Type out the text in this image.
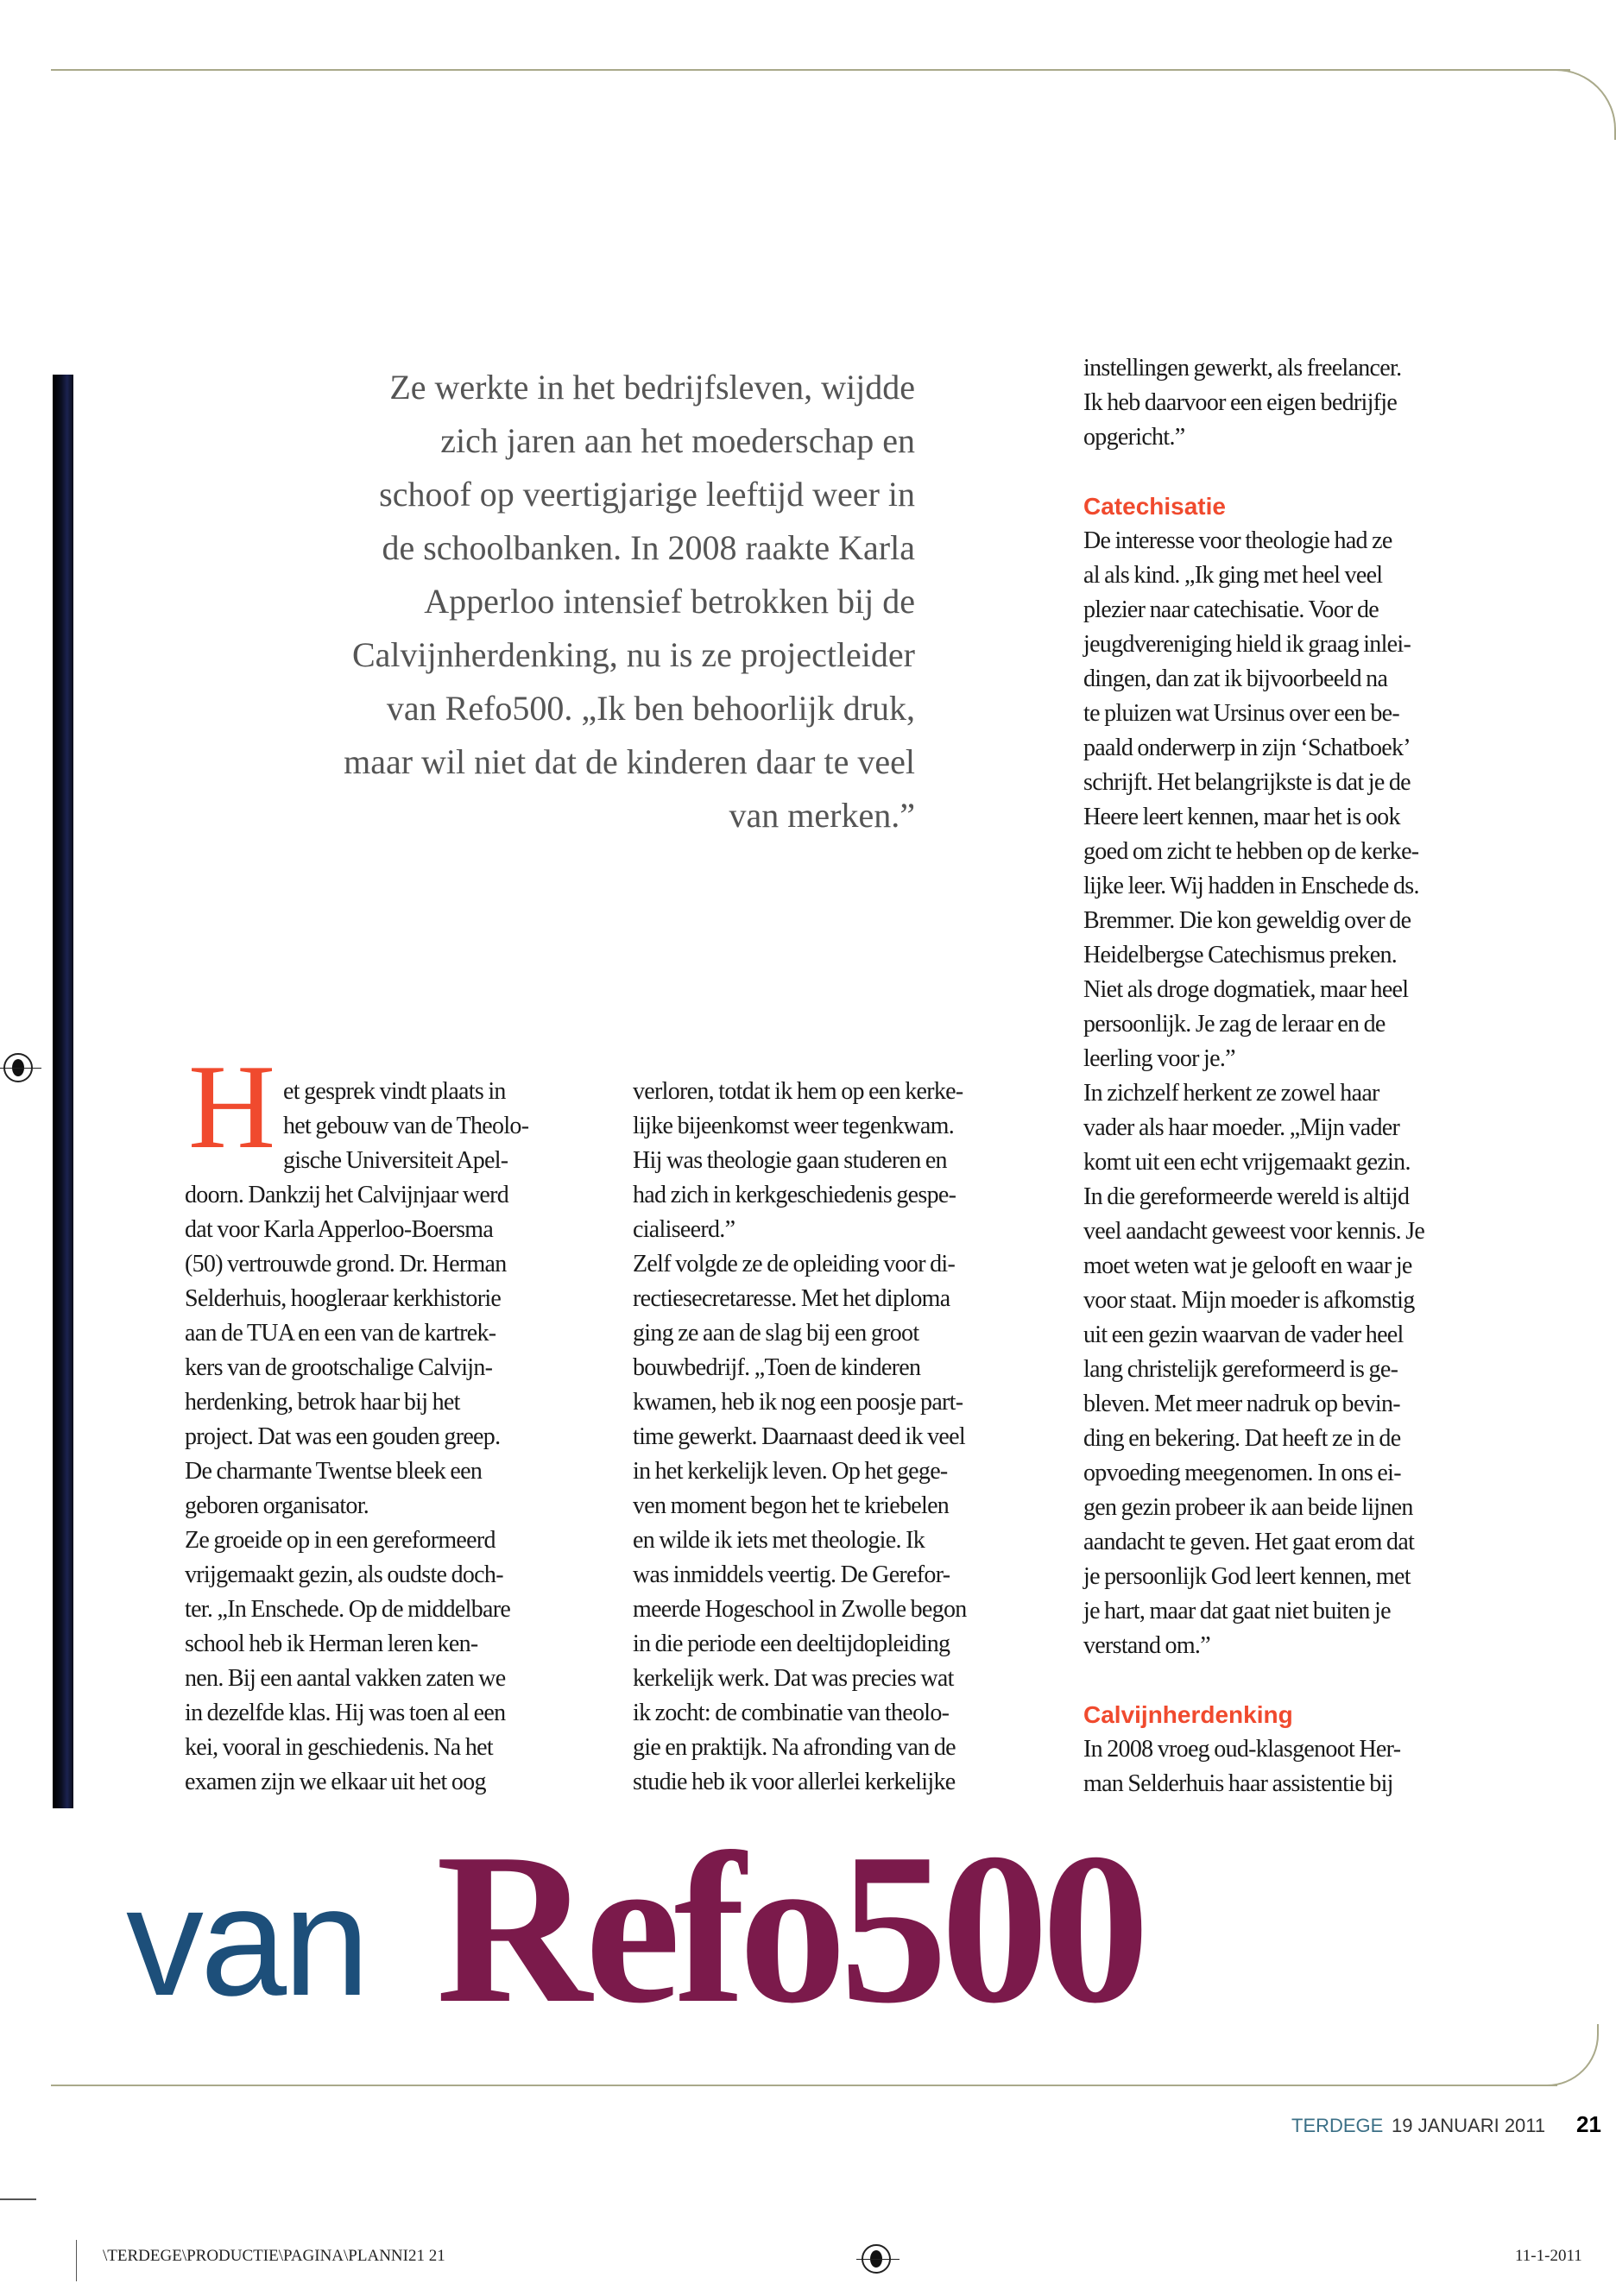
Ze werkte in het bedrijfsleven, wijdde
zich jaren aan het moederschap en
schoof op veertigjarige leeftijd weer in
de schoolbanken. In 2008 raakte Karla
Apperloo intensief betrokken bij de
Calvijnherdenking, nu is ze projectleider
van Refo500. „Ik ben behoorlijk druk,
maar wil niet dat de kinderen daar te veel
van merken.”
H et gesprek vindt plaats in
het gebouw van de Theolo-
gische Universiteit Apel-
doorn. Dankzij het Calvijnjaar werd
dat voor Karla Apperloo-Boersma
(50) vertrouwde grond. Dr. Herman
Selderhuis, hoogleraar kerkhistorie
aan de TUA en een van de kartrek-
kers van de grootschalige Calvijn-
herdenking, betrok haar bij het
project. Dat was een gouden greep.
De charmante Twentse bleek een
geboren organisator.
Ze groeide op in een gereformeerd
vrijgemaakt gezin, als oudste doch-
ter. „In Enschede. Op de middelbare
school heb ik Herman leren ken-
nen. Bij een aantal vakken zaten we
in dezelfde klas. Hij was toen al een
kei, vooral in geschiedenis. Na het
examen zijn we elkaar uit het oog
verloren, totdat ik hem op een kerke-
lijke bijeenkomst weer tegenkwam.
Hij was theologie gaan studeren en
had zich in kerkgeschiedenis gespe-
cialiseerd.”
Zelf volgde ze de opleiding voor di-
rectiesecretaresse. Met het diploma
ging ze aan de slag bij een groot
bouwbedrijf. „Toen de kinderen
kwamen, heb ik nog een poosje part-
time gewerkt. Daarnaast deed ik veel
in het kerkelijk leven. Op het gege-
ven moment begon het te kriebelen
en wilde ik iets met theologie. Ik
was inmiddels veertig. De Gerefor-
meerde Hogeschool in Zwolle begon
in die periode een deeltijdopleiding
kerkelijk werk. Dat was precies wat
ik zocht: de combinatie van theolo-
gie en praktijk. Na afronding van de
studie heb ik voor allerlei kerkelijke
instellingen gewerkt, als freelancer.
Ik heb daarvoor een eigen bedrijfje
opgericht.”
Catechisatie
De interesse voor theologie had ze
al als kind. „Ik ging met heel veel
plezier naar catechisatie. Voor de
jeugdvereniging hield ik graag inlei-
dingen, dan zat ik bijvoorbeeld na
te pluizen wat Ursinus over een be-
paald onderwerp in zijn ‘Schatboek’
schrijft. Het belangrijkste is dat je de
Heere leert kennen, maar het is ook
goed om zicht te hebben op de kerke-
lijke leer. Wij hadden in Enschede ds.
Bremmer. Die kon geweldig over de
Heidelbergse Catechismus preken.
Niet als droge dogmatiek, maar heel
persoonlijk. Je zag de leraar en de
leerling voor je.”
In zichzelf herkent ze zowel haar
vader als haar moeder. „Mijn vader
komt uit een echt vrijgemaakt gezin.
In die gereformeerde wereld is altijd
veel aandacht geweest voor kennis. Je
moet weten wat je gelooft en waar je
voor staat. Mijn moeder is afkomstig
uit een gezin waarvan de vader heel
lang christelijk gereformeerd is ge-
bleven. Met meer nadruk op bevin-
ding en bekering. Dat heeft ze in de
opvoeding meegenomen. In ons ei-
gen gezin probeer ik aan beide lijnen
aandacht te geven. Het gaat erom dat
je persoonlijk God leert kennen, met
je hart, maar dat gaat niet buiten je
verstand om.”
Calvijnherdenking
In 2008 vroeg oud-klasgenoot Her-
man Selderhuis haar assistentie bij
van Refo500
TERDEGE 19 JANUARI 2011 21
\TERDEGE\PRODUCTIE\PAGINA\PLANNI21 21	11-1-2011
